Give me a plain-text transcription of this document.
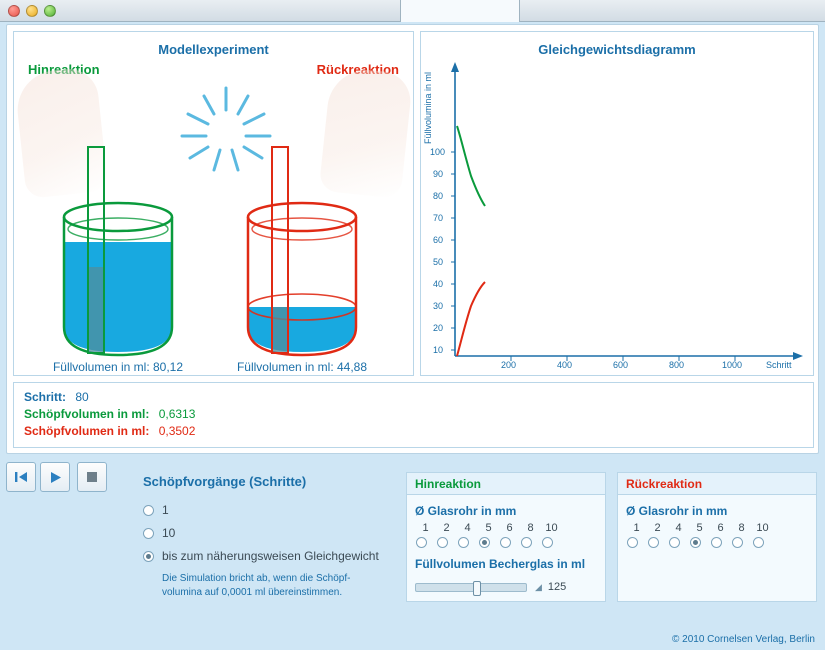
Modellexperiment
Hinreaktion	Rückreaktion
Füllvolumen in ml: 80,12	Füllvolumen in ml: 44,88
Gleichgewichtsdiagramm
Füllvolumina in ml
10
20
30
40
50
60
70
80
90
100
200	400	600	800	1000	Schritt
Schritt: 80
Schöpfvolumen in ml: 0,6313
Schöpfvolumen in ml: 0,3502
Schöpfvorgänge (Schritte)
1
10
bis zum näherungsweisen Gleichgewicht
Die Simulation bricht ab, wenn die Schöpf-
volumina auf 0,0001 ml übereinstimmen.
Hinreaktion
Ø Glasrohr in mm
1	2	4	5	6	8	10
Füllvolumen Becherglas in ml
◢ 125
Rückreaktion
Ø Glasrohr in mm
1	2	4	5	6	8	10
© 2010 Cornelsen Verlag, Berlin
